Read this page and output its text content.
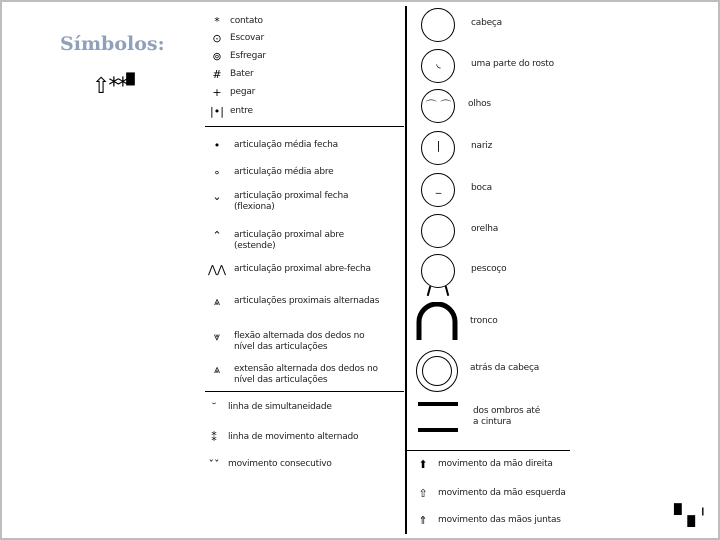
Símbolos:
⇧**▘
▘▖ᑊ
*	contato
⊙ Escovar
⊚ Esfregar
# Bater
+ pegar
|•| entre
•	articulação média fecha
∘	articulação média abre
⌄	articulação proximal fecha
(flexiona)
⌃	articulação proximal abre
(estende)
⋀⋀ articulação proximal abre-fecha
⩓	articulações proximais alternadas
⩔	flexão alternada dos dedos no
nível das articulações
⩓	extensão alternada dos dedos no
nível das articulações
˘	linha de simultaneidade
⁑	linha de movimento alternado
ˇˇ movimento consecutivo
cabeça
◟	uma parte do rosto
⌒ ⌒	olhos
|	nariz
_	boca
orelha
pescoço
tronco
atrás da cabeça
dos ombros até
a cintura
⬆	movimento da mão direita
⇧	movimento da mão esquerda
⇑	movimento das mãos juntas
